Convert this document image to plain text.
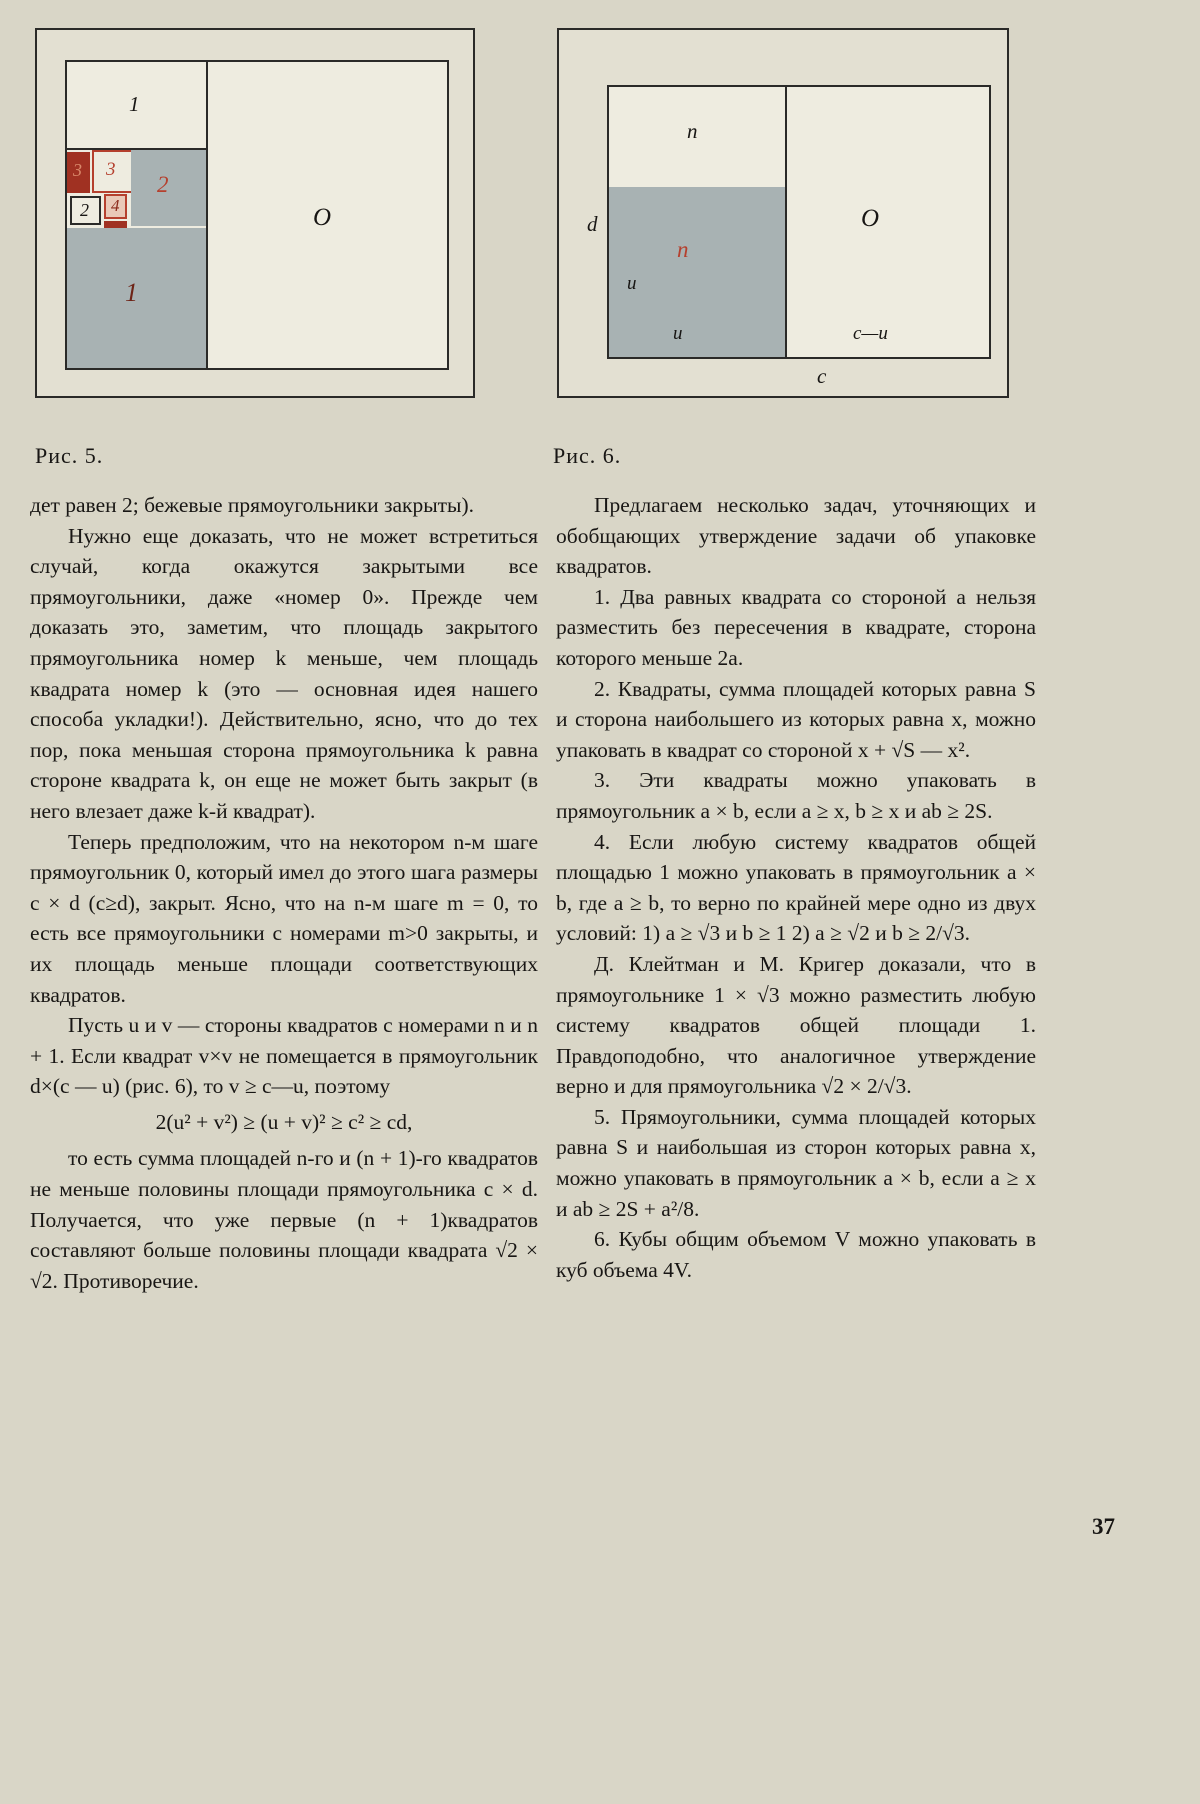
1
O
3 3
2
2 4
1
n
n
u
u
O
c—u
d
c
Рис. 5.	Рис. 6.

дет равен 2; бежевые прямоугольники закрыты).

Нужно еще доказать, что не может встретиться случай, когда окажутся закрытыми все прямоугольники, даже «номер 0». Прежде чем доказать это, заметим, что площадь закрытого прямоугольника номер k меньше, чем площадь квадрата номер k (это — основная идея нашего способа укладки!). Действительно, ясно, что до тех пор, пока меньшая сторона прямоугольника k равна стороне квадрата k, он еще не может быть закрыт (в него влезает даже k-й квадрат).

Теперь предположим, что на некотором n-м шаге прямоугольник 0, который имел до этого шага размеры c × d (c≥d), закрыт. Ясно, что на n-м шаге m = 0, то есть все прямоугольники с номерами m>0 закрыты, и их площадь меньше площади соответствующих квадратов.

Пусть u и v — стороны квадратов с номерами n и n + 1. Если квадрат v×v не помещается в прямоугольник d×(c — u) (рис. 6), то v ≥ c—u, поэтому

2(u² + v²) ≥ (u + v)² ≥ c² ≥ cd,

то есть сумма площадей n-го и (n + 1)-го квадратов не меньше половины площади прямоугольника c × d. Получается, что уже первые (n + 1)квадратов составляют больше половины площади квадрата √2 × √2. Противоречие.

Предлагаем несколько задач, уточняющих и обобщающих утверждение задачи об упаковке квадратов.

1. Два равных квадрата со стороной a нельзя разместить без пересечения в квадрате, сторона которого меньше 2a.

2. Квадраты, сумма площадей которых равна S и сторона наибольшего из которых равна x, можно упаковать в квадрат со стороной x + √S — x².

3. Эти квадраты можно упаковать в прямоугольник a × b, если a ≥ x, b ≥ x и ab ≥ 2S.

4. Если любую систему квадратов общей площадью 1 можно упаковать в прямоугольник a × b, где a ≥ b, то верно по крайней мере одно из двух условий: 1) a ≥ √3 и b ≥ 1 2) a ≥ √2 и b ≥ 2/√3.

Д. Клейтман и М. Кригер доказали, что в прямоугольнике 1 × √3 можно разместить любую систему квадратов общей площади 1. Правдоподобно, что аналогичное утверждение верно и для прямоугольника √2 × 2/√3.

5. Прямоугольники, сумма площадей которых равна S и наибольшая из сторон которых равна x, можно упаковать в прямоугольник a × b, если a ≥ x и ab ≥ 2S + a²/8.

6. Кубы общим объемом V можно упаковать в куб объема 4V.

37
